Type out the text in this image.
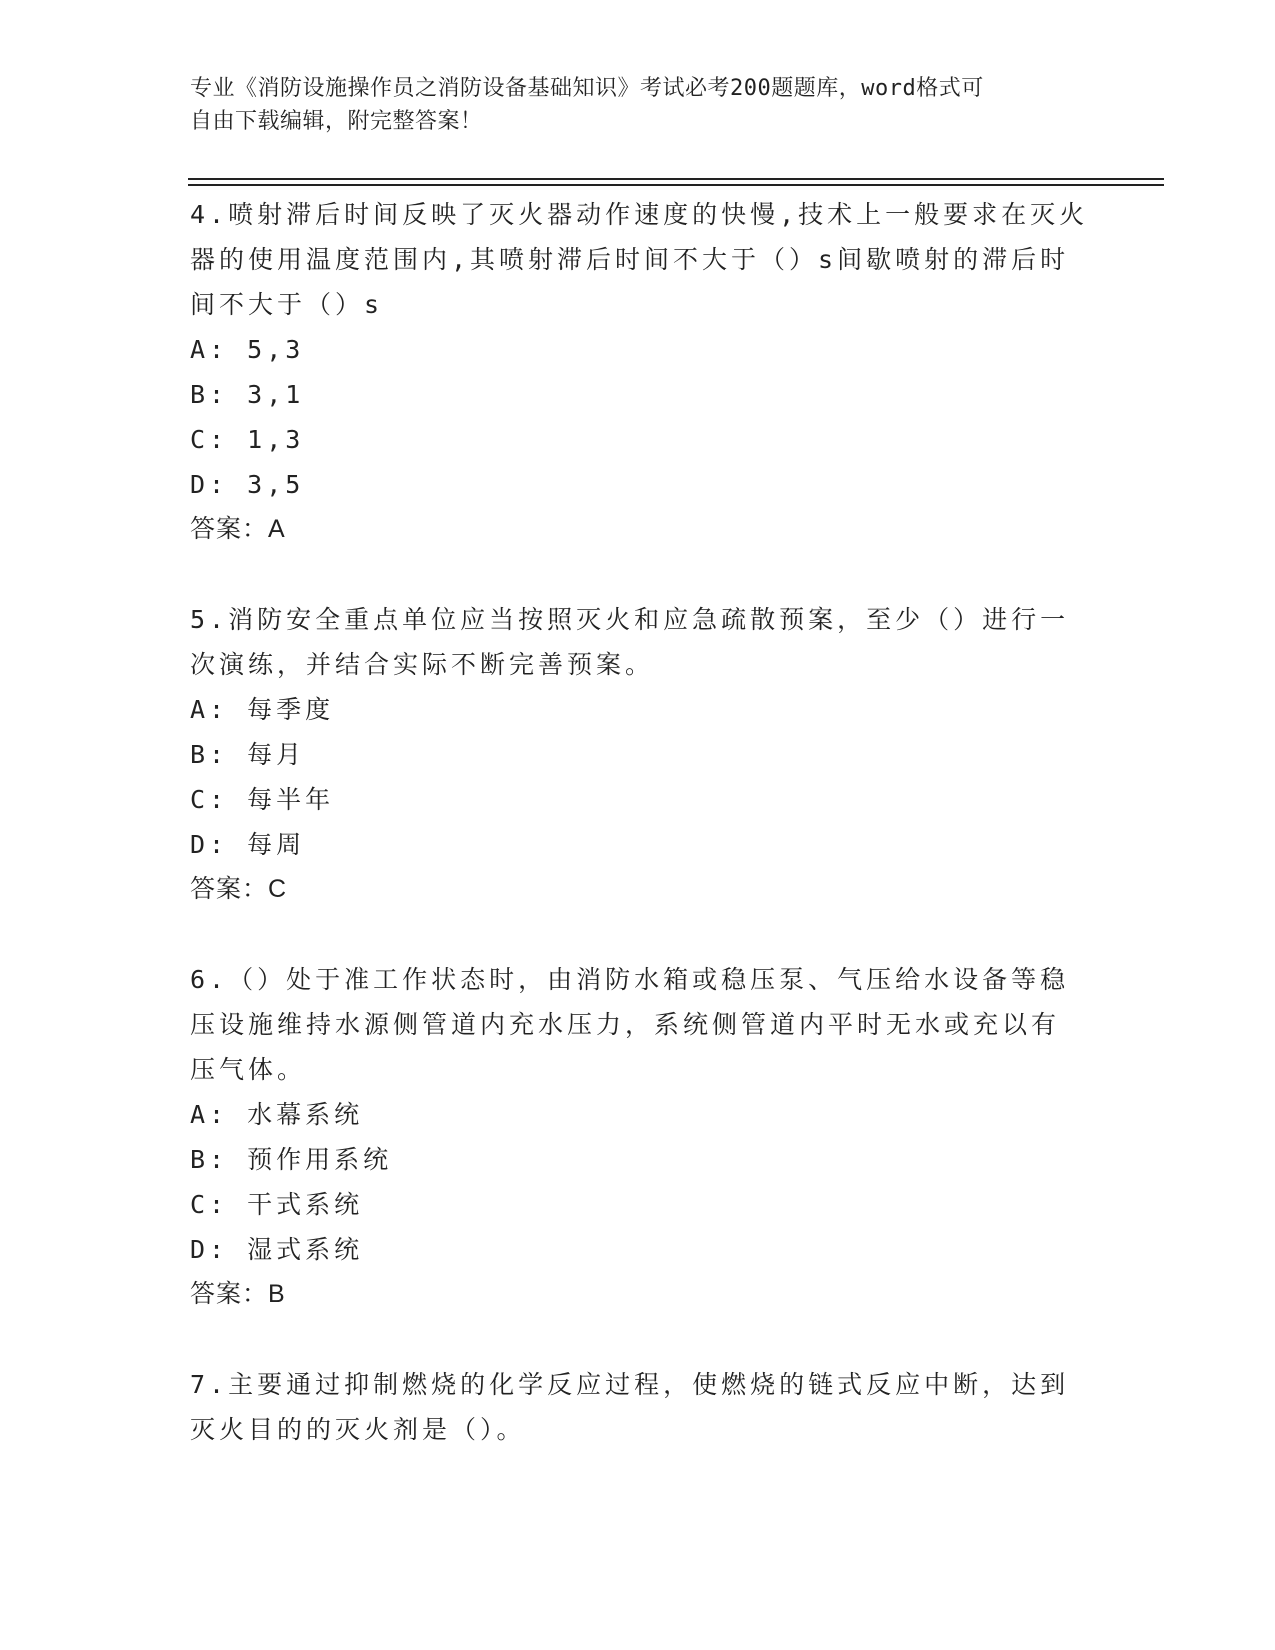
专业《消防设施操作员之消防设备基础知识》考试必考200题题库，word格式可
自由下载编辑，附完整答案！

4.喷射滞后时间反映了灭火器动作速度的快慢,技术上一般要求在灭火

器的使用温度范围内,其喷射滞后时间不大于（）s间歇喷射的滞后时

间不大于（）s

A: 5,3

B: 3,1

C: 1,3

D: 3,5

答案：A

5.消防安全重点单位应当按照灭火和应急疏散预案，至少（）进行一

次演练，并结合实际不断完善预案。

A: 每季度

B: 每月

C: 每半年

D: 每周

答案：C

6.（）处于准工作状态时，由消防水箱或稳压泵、气压给水设备等稳

压设施维持水源侧管道内充水压力，系统侧管道内平时无水或充以有

压气体。

A: 水幕系统

B: 预作用系统

C: 干式系统

D: 湿式系统

答案：B

7.主要通过抑制燃烧的化学反应过程，使燃烧的链式反应中断，达到

灭火目的的灭火剂是（）。
